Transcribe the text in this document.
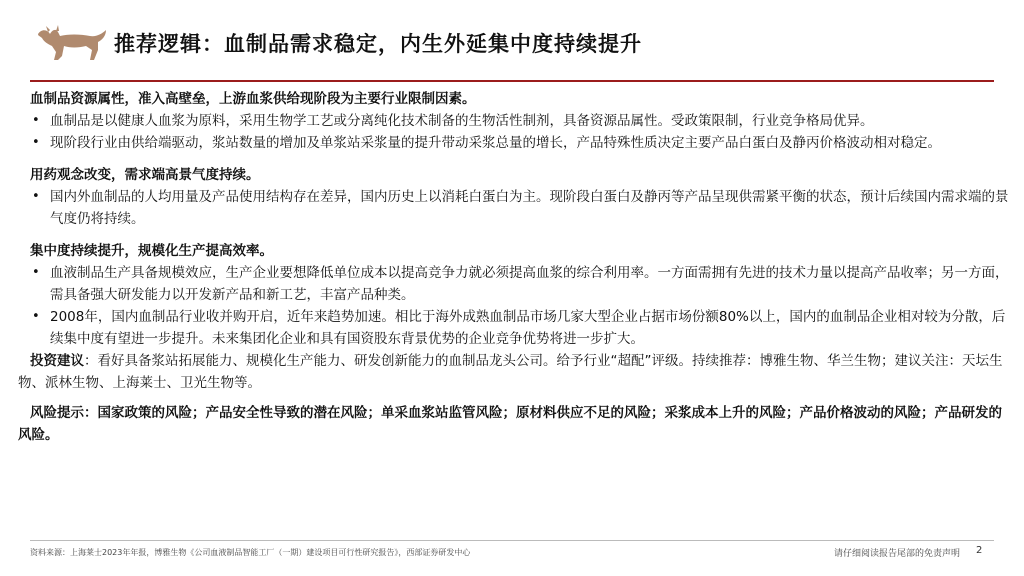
推荐逻辑：血制品需求稳定，内生外延集中度持续提升

血制品资源属性，准入高壁垒，上游血浆供给现阶段为主要行业限制因素。

• 血制品是以健康人血浆为原料，采用生物学工艺或分离纯化技术制备的生物活性制剂，具备资源品属性。受政策限制，行业竞争格局优异。
• 现阶段行业由供给端驱动，浆站数量的增加及单浆站采浆量的提升带动采浆总量的增长，产品特殊性质决定主要产品白蛋白及静丙价格波动相对稳定。

用药观念改变，需求端高景气度持续。

• 国内外血制品的人均用量及产品使用结构存在差异，国内历史上以消耗白蛋白为主。现阶段白蛋白及静丙等产品呈现供需紧平衡的状态，预计后续国内需求端的景气度仍将持续。

集中度持续提升，规模化生产提高效率。

• 血液制品生产具备规模效应，生产企业要想降低单位成本以提高竞争力就必须提高血浆的综合利用率。一方面需拥有先进的技术力量以提高产品收率；另一方面，需具备强大研发能力以开发新产品和新工艺，丰富产品种类。
• 2008年，国内血制品行业收并购开启，近年来趋势加速。相比于海外成熟血制品市场几家大型企业占据市场份额80%以上，国内的血制品企业相对较为分散，后续集中度有望进一步提升。未来集团化企业和具有国资股东背景优势的企业竞争优势将进一步扩大。

投资建议：看好具备浆站拓展能力、规模化生产能力、研发创新能力的血制品龙头公司。给予行业“超配”评级。持续推荐：博雅生物、华兰生物；建议关注：天坛生物、派林生物、上海莱士、卫光生物等。

风险提示：国家政策的风险；产品安全性导致的潜在风险；单采血浆站监管风险；原材料供应不足的风险；采浆成本上升的风险；产品价格波动的风险；产品研发的风险。

资料来源：上海莱士2023年年报，博雅生物《公司血液制品智能工厂（一期）建设项目可行性研究报告》，西部证券研发中心	请仔细阅读报告尾部的免责声明 2
